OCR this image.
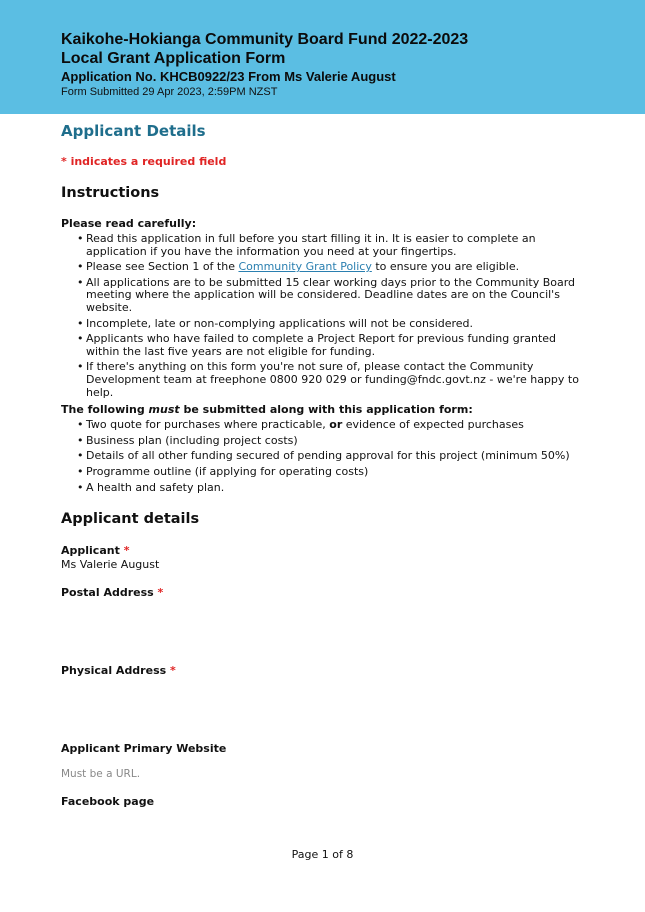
Kaikohe-Hokianga Community Board Fund 2022-2023
Local Grant Application Form
Application No. KHCB0922/23 From Ms Valerie August
Form Submitted 29 Apr 2023, 2:59PM NZST
Applicant Details
* indicates a required field
Instructions
Please read carefully:
• Read this application in full before you start filling it in. It is easier to complete an application if you have the information you need at your fingertips.
• Please see Section 1 of the Community Grant Policy to ensure you are eligible.
• All applications are to be submitted 15 clear working days prior to the Community Board meeting where the application will be considered. Deadline dates are on the Council's website.
• Incomplete, late or non-complying applications will not be considered.
• Applicants who have failed to complete a Project Report for previous funding granted within the last five years are not eligible for funding.
• If there's anything on this form you're not sure of, please contact the Community Development team at freephone 0800 920 029 or funding@fndc.govt.nz - we're happy to help.
The following must be submitted along with this application form:
• Two quote for purchases where practicable, or evidence of expected purchases
• Business plan (including project costs)
• Details of all other funding secured of pending approval for this project (minimum 50%)
• Programme outline (if applying for operating costs)
• A health and safety plan.
Applicant details
Applicant *
Ms Valerie August
Postal Address *
Physical Address *
Applicant Primary Website
Must be a URL.
Facebook page
Page 1 of 8
